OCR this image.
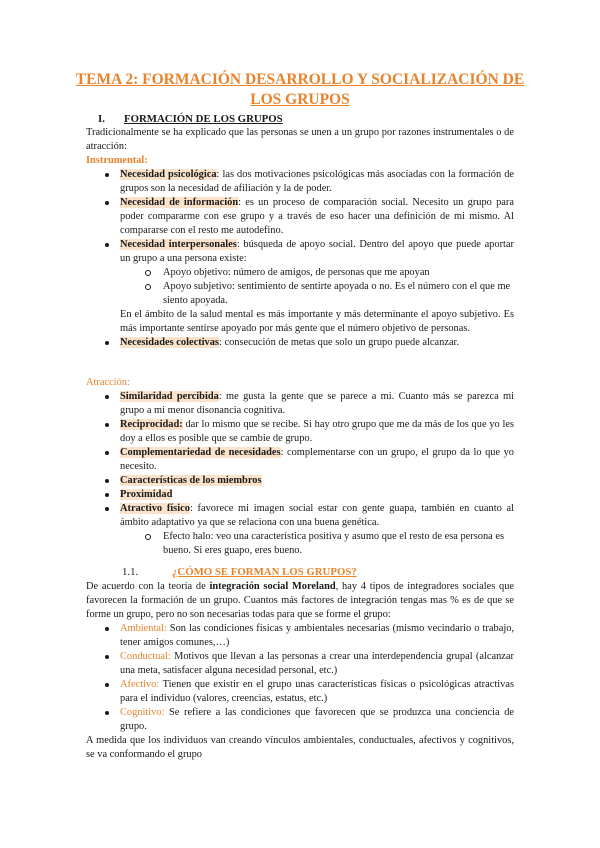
TEMA 2: FORMACIÓN DESARROLLO Y SOCIALIZACIÓN DE LOS GRUPOS
I. FORMACIÓN DE LOS GRUPOS

Tradicionalmente se ha explicado que las personas se unen a un grupo por razones instrumentales o de atracción:

Instrumental:
Necesidad psicológica: las dos motivaciones psicológicas más asociadas con la formación de grupos son la necesidad de afiliación y la de poder.
Necesidad de información: es un proceso de comparación social. Necesito un grupo para poder compararme con ese grupo y a través de eso hacer una definición de mi mismo. Al compararse con el resto me autodefino.
Necesidad interpersonales: búsqueda de apoyo social. Dentro del apoyo que puede aportar un grupo a una persona existe:
Apoyo objetivo: número de amigos, de personas que me apoyan
Apoyo subjetivo: sentimiento de sentirte apoyada o no. Es el número con el que me siento apoyada.

En el ámbito de la salud mental es más importante y más determinante el apoyo subjetivo. Es más importante sentirse apoyado por más gente que el número objetivo de personas.

Necesidades colectivas: consecución de metas que solo un grupo puede alcanzar.
Atracción:
Similaridad percibida: me gusta la gente que se parece a mi. Cuanto más se parezca mi grupo a mi menor disonancia cognitiva.
Reciprocidad: dar lo mismo que se recibe. Si hay otro grupo que me da más de los que yo les doy a ellos es posible que se cambie de grupo.
Complementariedad de necesidades: complementarse con un grupo, el grupo da lo que yo necesito.
Características de los miembros
Proximidad
Atractivo físico: favorece mi imagen social estar con gente guapa, también en cuanto al ámbito adaptativo ya que se relaciona con una buena genética.
Efecto halo: veo una característica positiva y asumo que el resto de esa persona es bueno. Si eres guapo, eres bueno.
1.1.	¿CÓMO SE FORMAN LOS GRUPOS?

De acuerdo con la teoría de integración social Moreland, hay 4 tipos de integradores sociales que favorecen la formación de un grupo. Cuantos más factores de integración tengas mas % es de que se forme un grupo, pero no son necesarias todas para que se forme el grupo:

Ambiental: Son las condiciones físicas y ambientales necesarias (mismo vecindario o trabajo, tener amigos comunes,…)
Conductual: Motivos que llevan a las personas a crear una interdependencia grupal (alcanzar una meta, satisfacer alguna necesidad personal, etc.)
Afectivo: Tienen que existir en el grupo unas características físicas o psicológicas atractivas para el individuo (valores, creencias, estatus, etc.)
Cognitivo: Se refiere a las condiciones que favorecen que se produzca una conciencia de grupo.

A medida que los individuos van creando vínculos ambientales, conductuales, afectivos y cognitivos, se va conformando el grupo
